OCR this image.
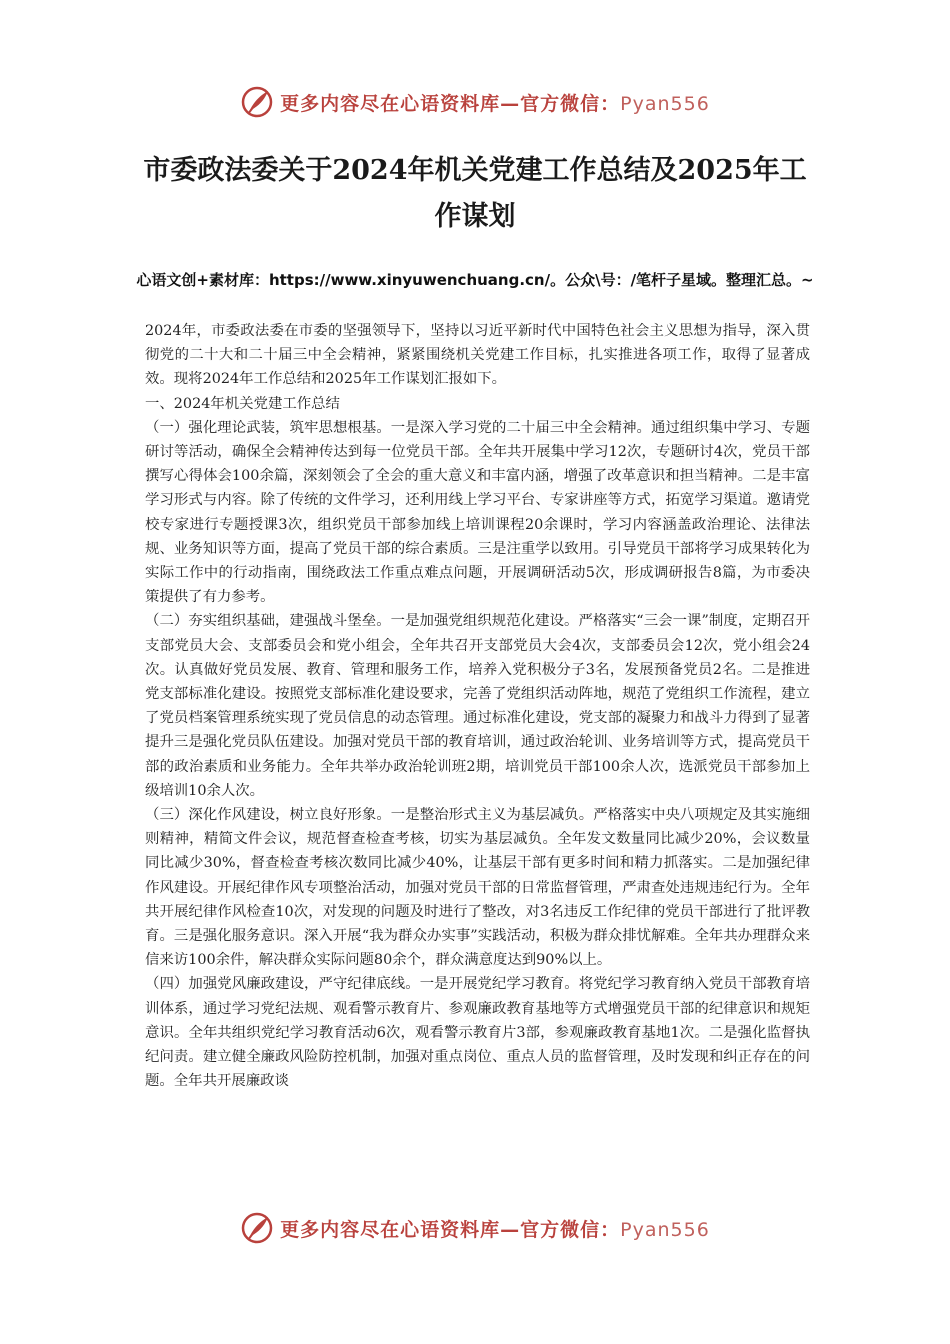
更多内容尽在心语资料库—官方微信：Pyan556
市委政法委关于2024年机关党建工作总结及2025年工作谋划

心语文创+素材库：https://www.xinyuwenchuang.cn/。公众\号：/笔杆子星域。整理汇总。~

2024年，市委政法委在市委的坚强领导下，坚持以习近平新时代中国特色社会主义思想为指导，深入贯彻党的二十大和二十届三中全会精神，紧紧围绕机关党建工作目标，扎实推进各项工作，取得了显著成效。现将2024年工作总结和2025年工作谋划汇报如下。

一、2024年机关党建工作总结

（一）强化理论武装，筑牢思想根基。一是深入学习党的二十届三中全会精神。通过组织集中学习、专题研讨等活动，确保全会精神传达到每一位党员干部。全年共开展集中学习12次，专题研讨4次，党员干部撰写心得体会100余篇，深刻领会了全会的重大意义和丰富内涵，增强了改革意识和担当精神。二是丰富学习形式与内容。除了传统的文件学习，还利用线上学习平台、专家讲座等方式，拓宽学习渠道。邀请党校专家进行专题授课3次，组织党员干部参加线上培训课程20余课时，学习内容涵盖政治理论、法律法规、业务知识等方面，提高了党员干部的综合素质。三是注重学以致用。引导党员干部将学习成果转化为实际工作中的行动指南，围绕政法工作重点难点问题，开展调研活动5次，形成调研报告8篇，为市委决策提供了有力参考。

（二）夯实组织基础，建强战斗堡垒。一是加强党组织规范化建设。严格落实“三会一课”制度，定期召开支部党员大会、支部委员会和党小组会，全年共召开支部党员大会4次，支部委员会12次，党小组会24次。认真做好党员发展、教育、管理和服务工作，培养入党积极分子3名，发展预备党员2名。二是推进党支部标准化建设。按照党支部标准化建设要求，完善了党组织活动阵地，规范了党组织工作流程，建立了党员档案管理系统实现了党员信息的动态管理。通过标准化建设，党支部的凝聚力和战斗力得到了显著提升三是强化党员队伍建设。加强对党员干部的教育培训，通过政治轮训、业务培训等方式，提高党员干部的政治素质和业务能力。全年共举办政治轮训班2期，培训党员干部100余人次，选派党员干部参加上级培训10余人次。

（三）深化作风建设，树立良好形象。一是整治形式主义为基层减负。严格落实中央八项规定及其实施细则精神，精简文件会议，规范督查检查考核，切实为基层减负。全年发文数量同比减少20%，会议数量同比减少30%，督查检查考核次数同比减少40%，让基层干部有更多时间和精力抓落实。二是加强纪律作风建设。开展纪律作风专项整治活动，加强对党员干部的日常监督管理，严肃查处违规违纪行为。全年共开展纪律作风检查10次，对发现的问题及时进行了整改，对3名违反工作纪律的党员干部进行了批评教育。三是强化服务意识。深入开展“我为群众办实事”实践活动，积极为群众排忧解难。全年共办理群众来信来访100余件，解决群众实际问题80余个，群众满意度达到90%以上。

（四）加强党风廉政建设，严守纪律底线。一是开展党纪学习教育。将党纪学习教育纳入党员干部教育培训体系，通过学习党纪法规、观看警示教育片、参观廉政教育基地等方式增强党员干部的纪律意识和规矩意识。全年共组织党纪学习教育活动6次，观看警示教育片3部，参观廉政教育基地1次。二是强化监督执纪问责。建立健全廉政风险防控机制，加强对重点岗位、重点人员的监督管理，及时发现和纠正存在的问题。全年共开展廉政谈

更多内容尽在心语资料库—官方微信：Pyan556
